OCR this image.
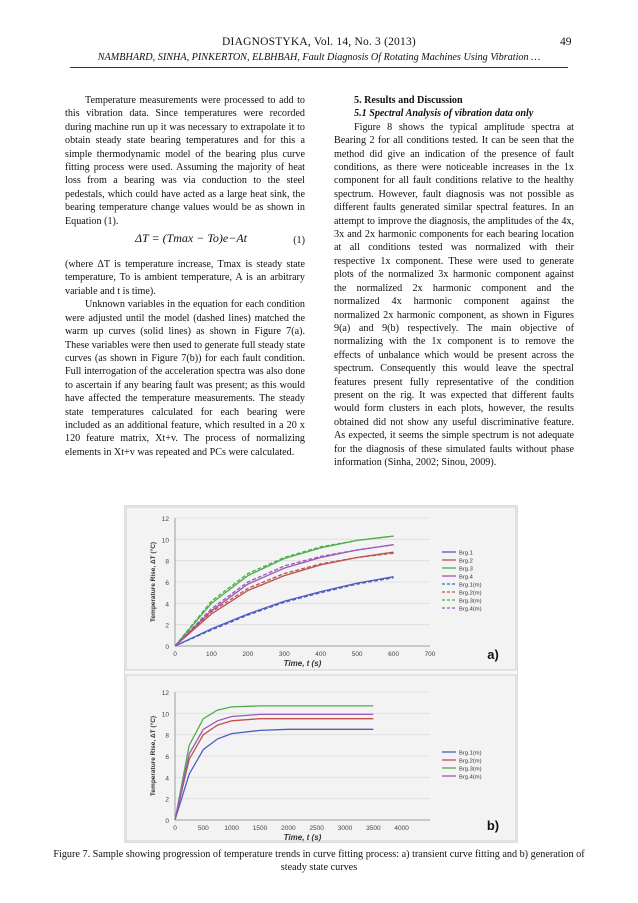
DIAGNOSTYKA, Vol. 14, No. 3 (2013)	49
NAMBHARD, SINHA, PINKERTON, ELBHBAH, Fault Diagnosis Of Rotating Machines Using Vibration …

Temperature measurements were processed to add to this vibration data. Since temperatures were recorded during machine run up it was necessary to extrapolate it to obtain steady state bearing temperatures and for this a simple thermodynamic model of the bearing plus curve fitting process were used. Assuming the majority of heat loss from a bearing was via conduction to the steel pedestals, which could have acted as a large heat sink, the bearing temperature change values would be as shown in Equation (1).

ΔT = (Tmax − To)e−At	(1)

(where ΔT is temperature increase, Tmax is steady state temperature, To is ambient temperature, A is an arbitrary variable and t is time).

Unknown variables in the equation for each condition were adjusted until the model (dashed lines) matched the warm up curves (solid lines) as shown in Figure 7(a). These variables were then used to generate full steady state curves (as shown in Figure 7(b)) for each fault condition. Full interrogation of the acceleration spectra was also done to ascertain if any bearing fault was present; as this would have affected the temperature measurements. The steady state temperatures calculated for each bearing were included as an additional feature, which resulted in a 20 x 120 feature matrix, Xt+v. The process of normalizing elements in Xt+v was repeated and PCs were calculated.

5. Results and Discussion

5.1 Spectral Analysis of vibration data only

Figure 8 shows the typical amplitude spectra at Bearing 2 for all conditions tested. It can be seen that the method did give an indication of the presence of fault conditions, as there were noticeable increases in the 1x component for all fault conditions relative to the healthy spectrum. However, fault diagnosis was not possible as different faults generated similar spectral features. In an attempt to improve the diagnosis, the amplitudes of the 4x, 3x and 2x harmonic components for each bearing location at all conditions tested was normalized with their respective 1x component. These were used to generate plots of the normalized 3x harmonic component against the normalized 2x harmonic component and the normalized 4x harmonic component against the normalized 2x harmonic component, as shown in Figures 9(a) and 9(b) respectively. The main objective of normalizing with the 1x component is to remove the effects of unbalance which would be present across the spectrum. Consequently this would leave the spectral features present fully representative of the condition present on the rig. It was expected that different faults would form clusters in each plots, however, the results obtained did not show any useful discriminative feature. As expected, it seems the simple spectrum is not adequate for the diagnosis of these simulated faults without phase information (Sinha, 2002; Sinou, 2009).

0
2
4
6
8
10
12
0	100	200	300	400	500	600	700
Time, t (s)
Temperature Rise, ΔT (°C)	Brg.1
Brg.2
Brg.3
Brg.4
Brg.1(m)
Brg.2(m)
Brg.3(m)
Brg.4(m)
a)
0
2
4
6
8
10
12
0	500 1000 1500 2000 2500 3000 3500 4000
Time, t (s)
Temperature Rise, ΔT (°C)	Brg.1(m)
Brg.2(m)
Brg.3(m)
Brg.4(m)
b)
Figure 7. Sample showing progression of temperature trends in curve fitting process: a) transient curve fitting and b) generation of steady state curves
